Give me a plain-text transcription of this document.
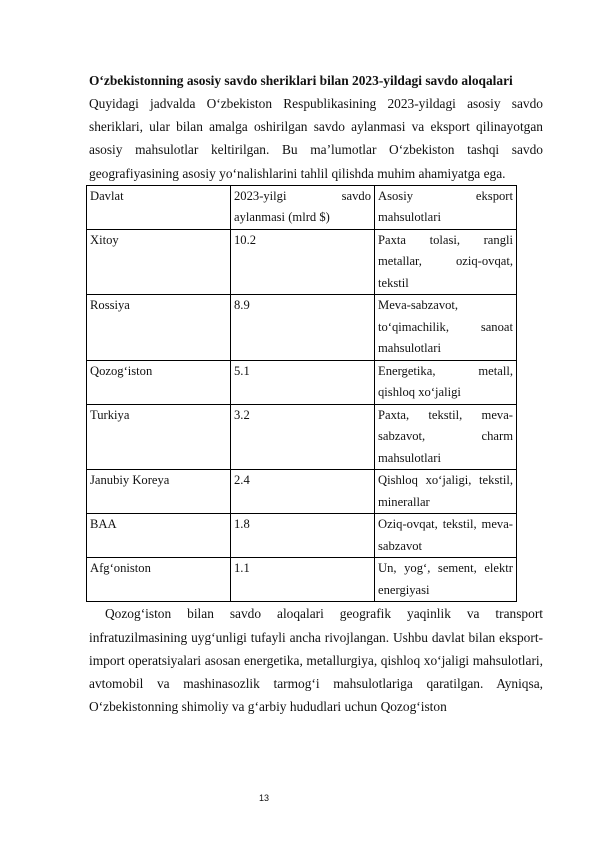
O‘zbekistonning asosiy savdo sheriklari bilan 2023-yildagi savdo aloqalari
Quyidagi jadvalda O‘zbekiston Respublikasining 2023-yildagi asosiy savdo sheriklari, ular bilan amalga oshirilgan savdo aylanmasi va eksport qilinayotgan asosiy mahsulotlar keltirilgan. Bu ma’lumotlar O‘zbekiston tashqi savdo geografiyasining asosiy yo‘nalishlarini tahlil qilishda muhim ahamiyatga ega.
Davlat	2023-yilgi savdo aylanmasi (mlrd $)	Asosiy eksport mahsulotlari
Xitoy	10.2	Paxta tolasi, rangli metallar, oziq-ovqat, tekstil
Rossiya	8.9	Meva-sabzavot, to‘qimachilik, sanoat mahsulotlari
Qozog‘iston	5.1	Energetika, metall, qishloq xo‘jaligi
Turkiya	3.2	Paxta, tekstil, meva-sabzavot, charm mahsulotlari
Janubiy Koreya	2.4	Qishloq xo‘jaligi, tekstil, minerallar
BAA	1.8	Oziq-ovqat, tekstil, meva-sabzavot
Afg‘oniston	1.1	Un, yog‘, sement, elektr energiyasi
Qozog‘iston bilan savdo aloqalari geografik yaqinlik va transport infratuzilmasining uyg‘unligi tufayli ancha rivojlangan. Ushbu davlat bilan eksport-import operatsiyalari asosan energetika, metallurgiya, qishloq xo‘jaligi mahsulotlari, avtomobil va mashinasozlik tarmog‘i mahsulotlariga qaratilgan. Ayniqsa, O‘zbekistonning shimoliy va g‘arbiy hududlari uchun Qozog‘iston
13
